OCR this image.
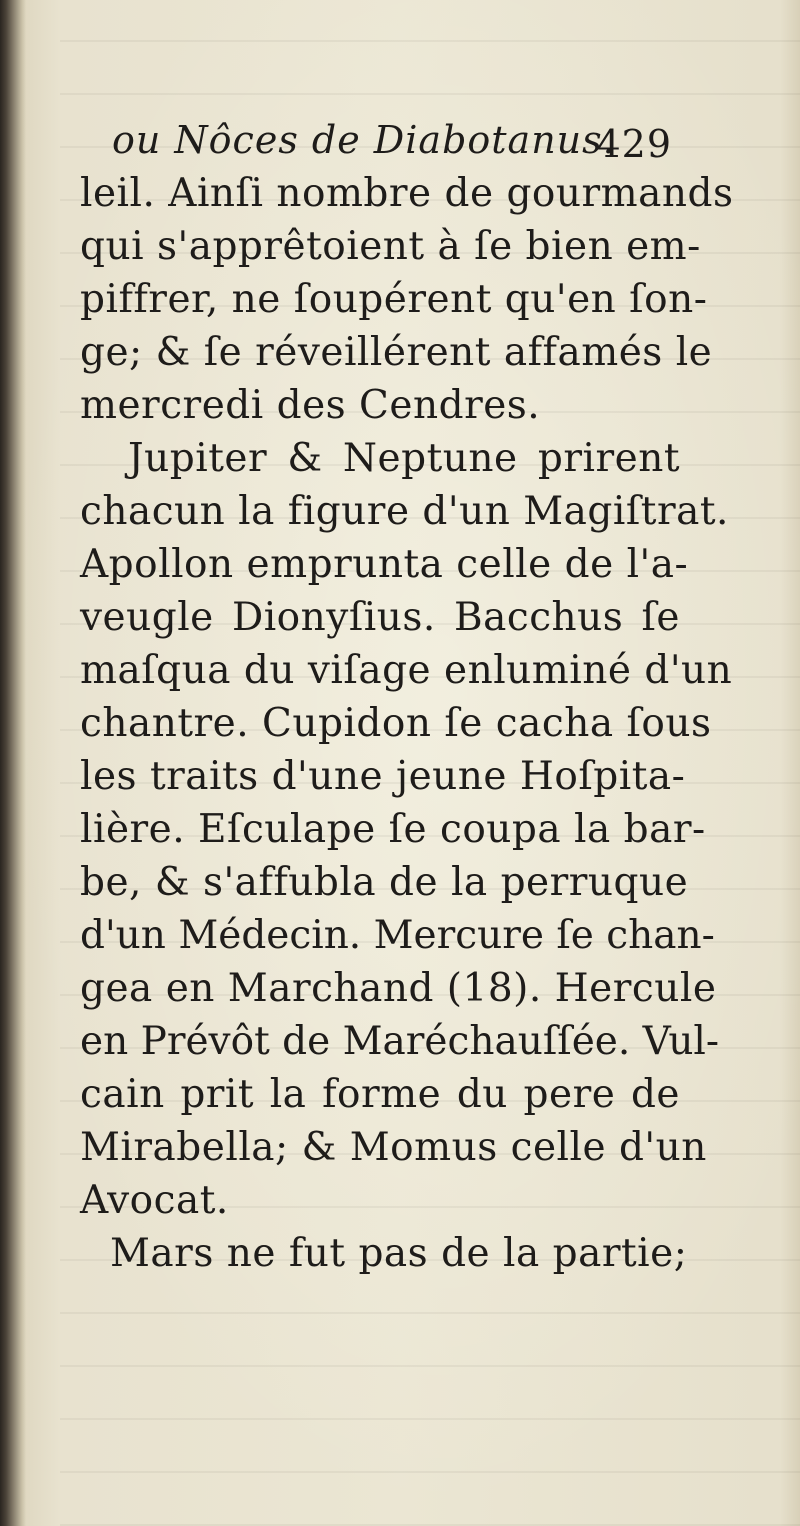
ou Nôces de Diabotanus.
429
leil. Ainſi nombre de gourmands
qui s'apprêtoient à ſe bien em-
piffrer, ne ſoupérent qu'en ſon-
ge; & ſe réveillérent affamés le
mercredi des Cendres.
Jupiter & Neptune prirent
chacun la figure d'un Magiſtrat.
Apollon emprunta celle de l'a-
veugle Dionyſius. Bacchus ſe
maſqua du viſage enluminé d'un
chantre. Cupidon ſe cacha ſous
les traits d'une jeune Hoſpita-
lière. Eſculape ſe coupa la bar-
be, & s'affubla de la perruque
d'un Médecin. Mercure ſe chan-
gea en Marchand (18). Hercule
en Prévôt de Maréchauſſée. Vul-
cain prit la forme du pere de
Mirabella; & Momus celle d'un
Avocat.
Mars ne fut pas de la partie;
